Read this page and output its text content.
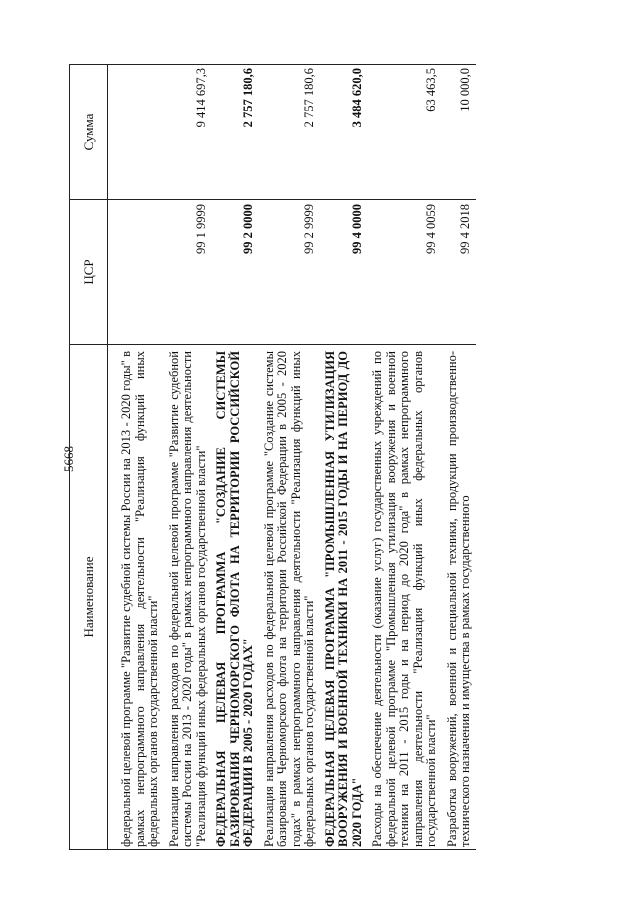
5668
Наименование	ЦСР	Сумма

федеральной целевой программе "Развитие судебной системы России на 2013 - 2020 годы" в рамках непрограммного направления деятельности "Реализация функций иных федеральных органов государственной власти"		
Реализация направления расходов по федеральной целевой программе "Развитие судебной системы России на 2013 - 2020 годы" в рамках непрограммного направления деятельности "Реализация функций иных федеральных органов государственной власти"	99 1 9999	9 414 697,3
ФЕДЕРАЛЬНАЯ ЦЕЛЕВАЯ ПРОГРАММА "СОЗДАНИЕ СИСТЕМЫ БАЗИРОВАНИЯ ЧЕРНОМОРСКОГО ФЛОТА НА ТЕРРИТОРИИ РОССИЙСКОЙ ФЕДЕРАЦИИ В 2005 - 2020 ГОДАХ"	99 2 0000	2 757 180,6
Реализация направления расходов по федеральной целевой программе "Создание системы базирования Черноморского флота на территории Российской Федерации в 2005 - 2020 годах" в рамках непрограммного направления деятельности "Реализация функций иных федеральных органов государственной власти"	99 2 9999	2 757 180,6
ФЕДЕРАЛЬНАЯ ЦЕЛЕВАЯ ПРОГРАММА "ПРОМЫШЛЕННАЯ УТИЛИЗАЦИЯ ВООРУЖЕНИЯ И ВОЕННОЙ ТЕХНИКИ НА 2011 - 2015 ГОДЫ И НА ПЕРИОД ДО 2020 ГОДА"	99 4 0000	3 484 620,0
Расходы на обеспечение деятельности (оказание услуг) государственных учреждений по федеральной целевой программе "Промышленная утилизация вооружения и военной техники на 2011 - 2015 годы и на период до 2020 года" в рамках непрограммного направления деятельности "Реализация функций иных федеральных органов государственной власти"	99 4 0059	63 463,5
Разработка вооружений, военной и специальной техники, продукции производственно-технического назначения и имущества в рамках государственного	99 4 2018	10 000,0
